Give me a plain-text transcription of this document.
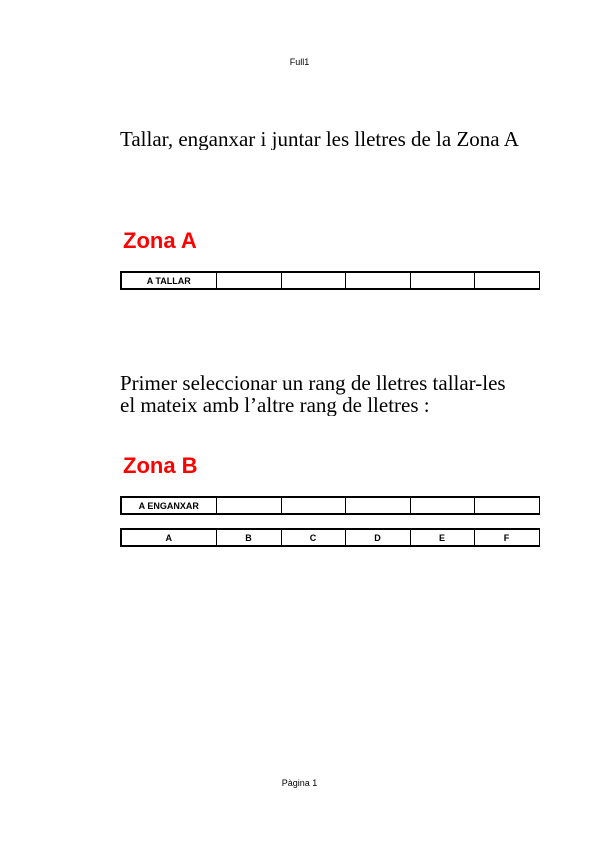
Full1
Tallar, enganxar i juntar les lletres de la Zona A
Zona A
A TALLAR					
Primer seleccionar un rang de lletres tallar-les
el mateix amb l’altre rang de lletres :
Zona B
A ENGANXAR					
A	B	C	D	E	F
Pàgina 1
